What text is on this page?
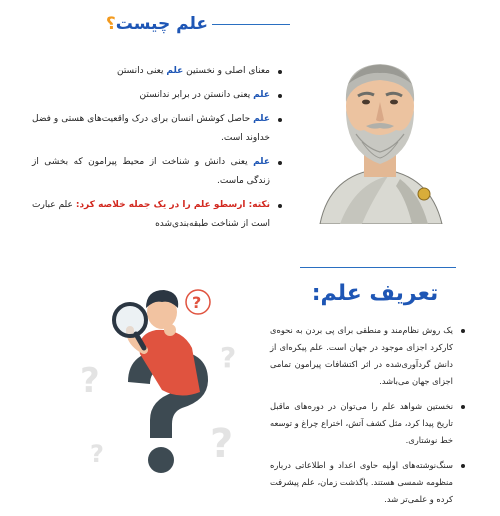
علم چیست؟
معنای اصلی و نخستین علم یعنی دانستن
علم یعنی دانستن در برابر ندانستن
علم حاصل کوشش انسان برای درک واقعیت‌های هستی و فضل خداوند است.
علم یعنی دانش و شناخت از محیط پیرامون که بخشی از زندگی ماست.
نکته: ارسطو علم را در یک جمله خلاصه کرد: علم عبارت است از شناخت طبقه‌بندی‌شده
تعریف علم:
یک روش نظام‌مند و منطقی برای پی بردن به نحوه‌ی کارکرد اجزای موجود در جهان است. علم پیکره‌ای از دانش گردآوری‌شده در اثر اکتشافات پیرامون تمامی اجزای جهان می‌باشد.
نخستین شواهد علم را می‌توان در دوره‌های ماقبل تاریخ پیدا کرد، مثل کشف آتش، اختراع چراغ و توسعه خط نوشتاری.
سنگ‌نوشته‌های اولیه حاوی اعداد و اطلاعاتی درباره منظومه شمسی هستند. باگذشت زمان، علم پیشرفت کرده و علمی‌تر شد.
?
?
?
?
?
